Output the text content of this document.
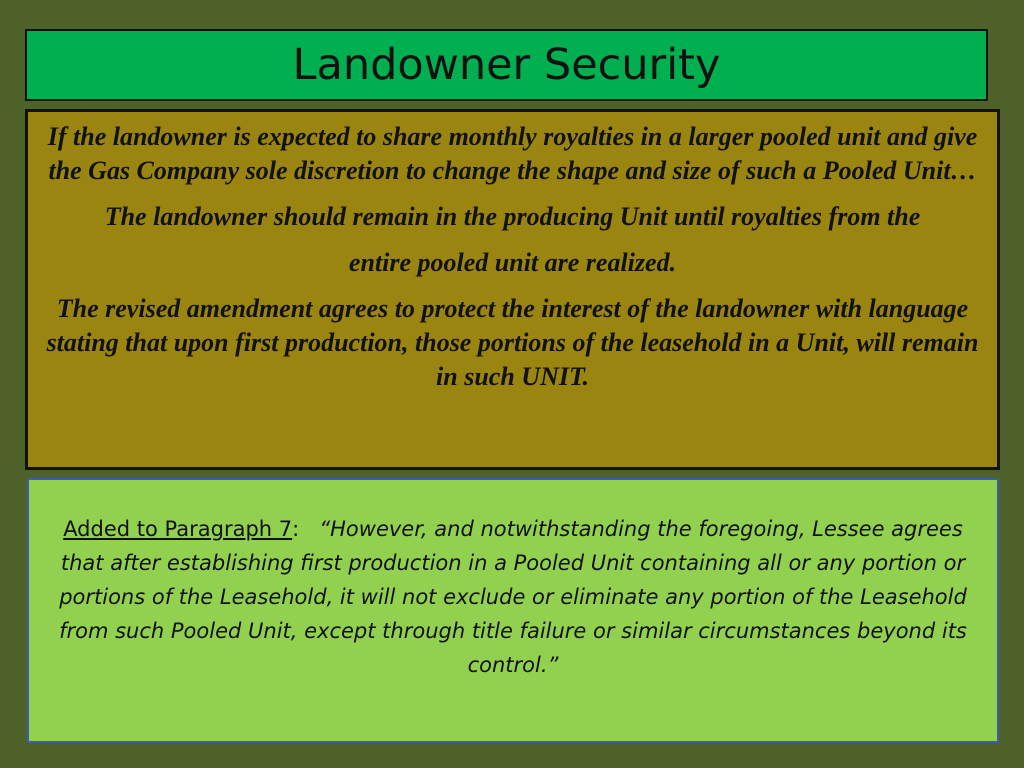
Landowner Security

If the landowner is expected to share monthly royalties in a larger pooled unit and give the Gas Company sole discretion to change the shape and size of such a Pooled Unit…

The landowner should remain in the producing Unit until royalties from the entire pooled unit are realized.

The revised amendment agrees to protect the interest of the landowner with language stating that upon first production, those portions of the leasehold in a Unit, will remain in such UNIT.

Added to Paragraph 7: “However, and notwithstanding the foregoing, Lessee agrees that after establishing first production in a Pooled Unit containing all or any portion or portions of the Leasehold, it will not exclude or eliminate any portion of the Leasehold from such Pooled Unit, except through title failure or similar circumstances beyond its control.”
